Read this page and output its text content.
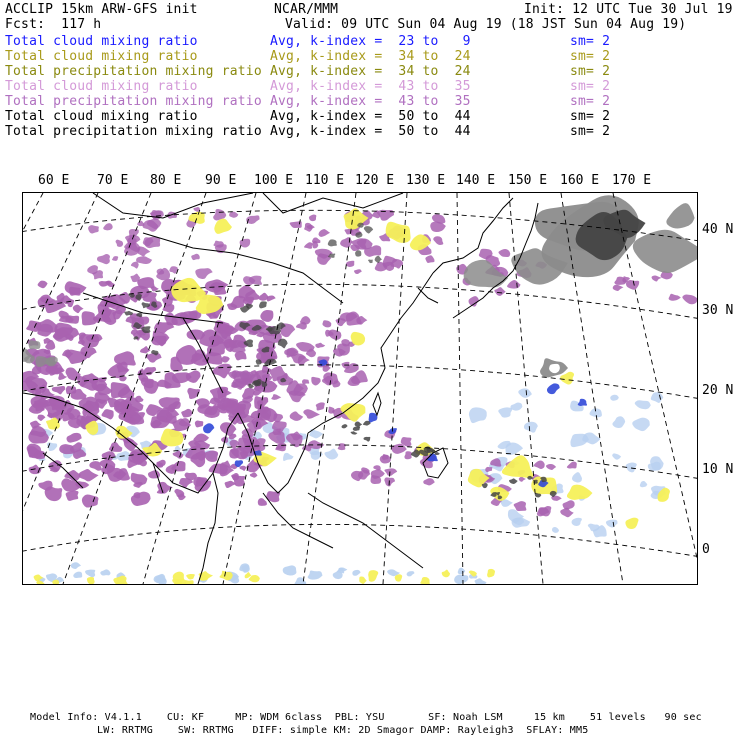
ACCLIP 15km ARW-GFS init	NCAR/MMM	Init: 12 UTC Tue 30 Jul 19
Fcst:  117 h	Valid: 09 UTC Sun 04 Aug 19 (18 JST Sun 04 Aug 19)
Total cloud mixing ratio	Avg, k-index =  23 to   9	sm= 2
Total cloud mixing ratio	Avg, k-index =  34 to  24	sm= 2
Total precipitation mixing ratio Avg, k-index =  34 to  24	sm= 2
Total cloud mixing ratio	Avg, k-index =  43 to  35	sm= 2
Total precipitation mixing ratio Avg, k-index =  43 to  35	sm= 2
Total cloud mixing ratio	Avg, k-index =  50 to  44	sm= 2
Total precipitation mixing ratio Avg, k-index =  50 to  44	sm= 2
60 E 70 E 80 E 90 E 100 E 110 E 120 E 130 E 140 E 150 E 160 E 170 E
40 N
30 N
20 N
10 N
0
Model Info: V4.1.1    CU: KF     MP: WDM 6class  PBL: YSU       SF: Noah LSM     15 km    51 levels   90 sec
LW: RRTMG    SW: RRTMG   DIFF: simple KM: 2D Smagor DAMP: Rayleigh3  SFLAY: MM5
